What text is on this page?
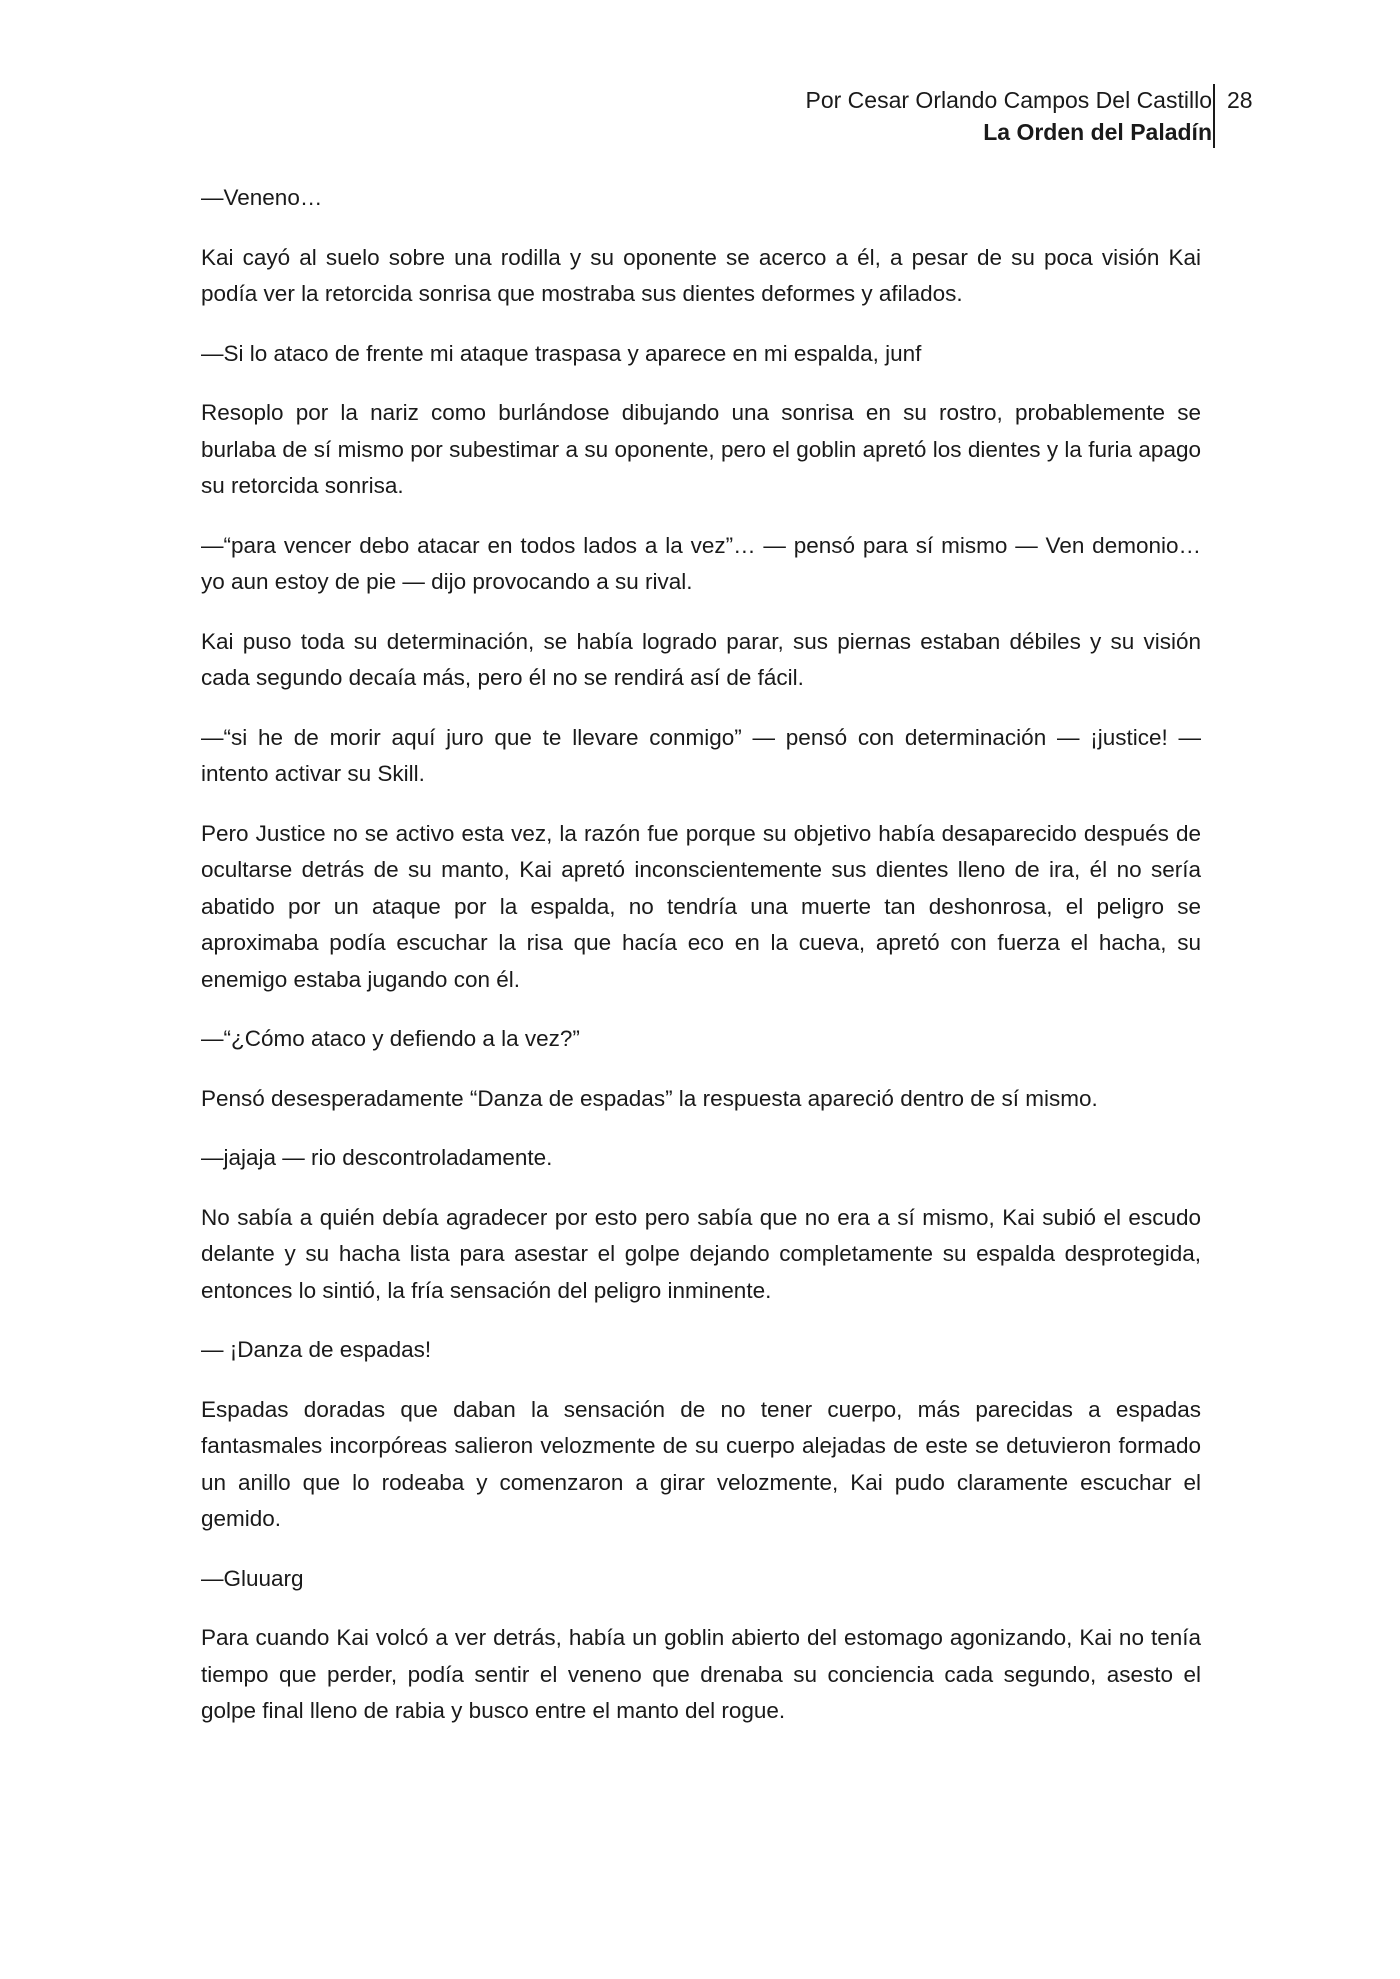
Por Cesar Orlando Campos Del Castillo
La Orden del Paladín
28

—Veneno…

Kai cayó al suelo sobre una rodilla y su oponente se acerco a él, a pesar de su poca visión Kai podía ver la retorcida sonrisa que mostraba sus dientes deformes y afilados.

—Si lo ataco de frente mi ataque traspasa y aparece en mi espalda, junf

Resoplo por la nariz como burlándose dibujando una sonrisa en su rostro, probablemente se burlaba de sí mismo por subestimar a su oponente, pero el goblin apretó los dientes y la furia apago su retorcida sonrisa.

—“para vencer debo atacar en todos lados a la vez”… — pensó para sí mismo — Ven demonio… yo aun estoy de pie — dijo provocando a su rival.

Kai puso toda su determinación, se había logrado parar, sus piernas estaban débiles y su visión cada segundo decaía más, pero él no se rendirá así de fácil.

—“si he de morir aquí juro que te llevare conmigo” — pensó con determinación — ¡justice! — intento activar su Skill.

Pero Justice no se activo esta vez, la razón fue porque su objetivo había desaparecido después de ocultarse detrás de su manto, Kai apretó inconscientemente sus dientes lleno de ira, él no sería abatido por un ataque por la espalda, no tendría una muerte tan deshonrosa, el peligro se aproximaba podía escuchar la risa que hacía eco en la cueva, apretó con fuerza el hacha, su enemigo estaba jugando con él.

—“¿Cómo ataco y defiendo a la vez?”

Pensó desesperadamente “Danza de espadas” la respuesta apareció dentro de sí mismo.

—jajaja — rio descontroladamente.

No sabía a quién debía agradecer por esto pero sabía que no era a sí mismo, Kai subió el escudo delante y su hacha lista para asestar el golpe dejando completamente su espalda desprotegida, entonces lo sintió, la fría sensación del peligro inminente.

— ¡Danza de espadas!

Espadas doradas que daban la sensación de no tener cuerpo, más parecidas a espadas fantasmales incorpóreas salieron velozmente de su cuerpo alejadas de este se detuvieron formado un anillo que lo rodeaba y comenzaron a girar velozmente, Kai pudo claramente escuchar el gemido.

—Gluuarg

Para cuando Kai volcó a ver detrás, había un goblin abierto del estomago agonizando, Kai no tenía tiempo que perder, podía sentir el veneno que drenaba su conciencia cada segundo, asesto el golpe final lleno de rabia y busco entre el manto del rogue.
